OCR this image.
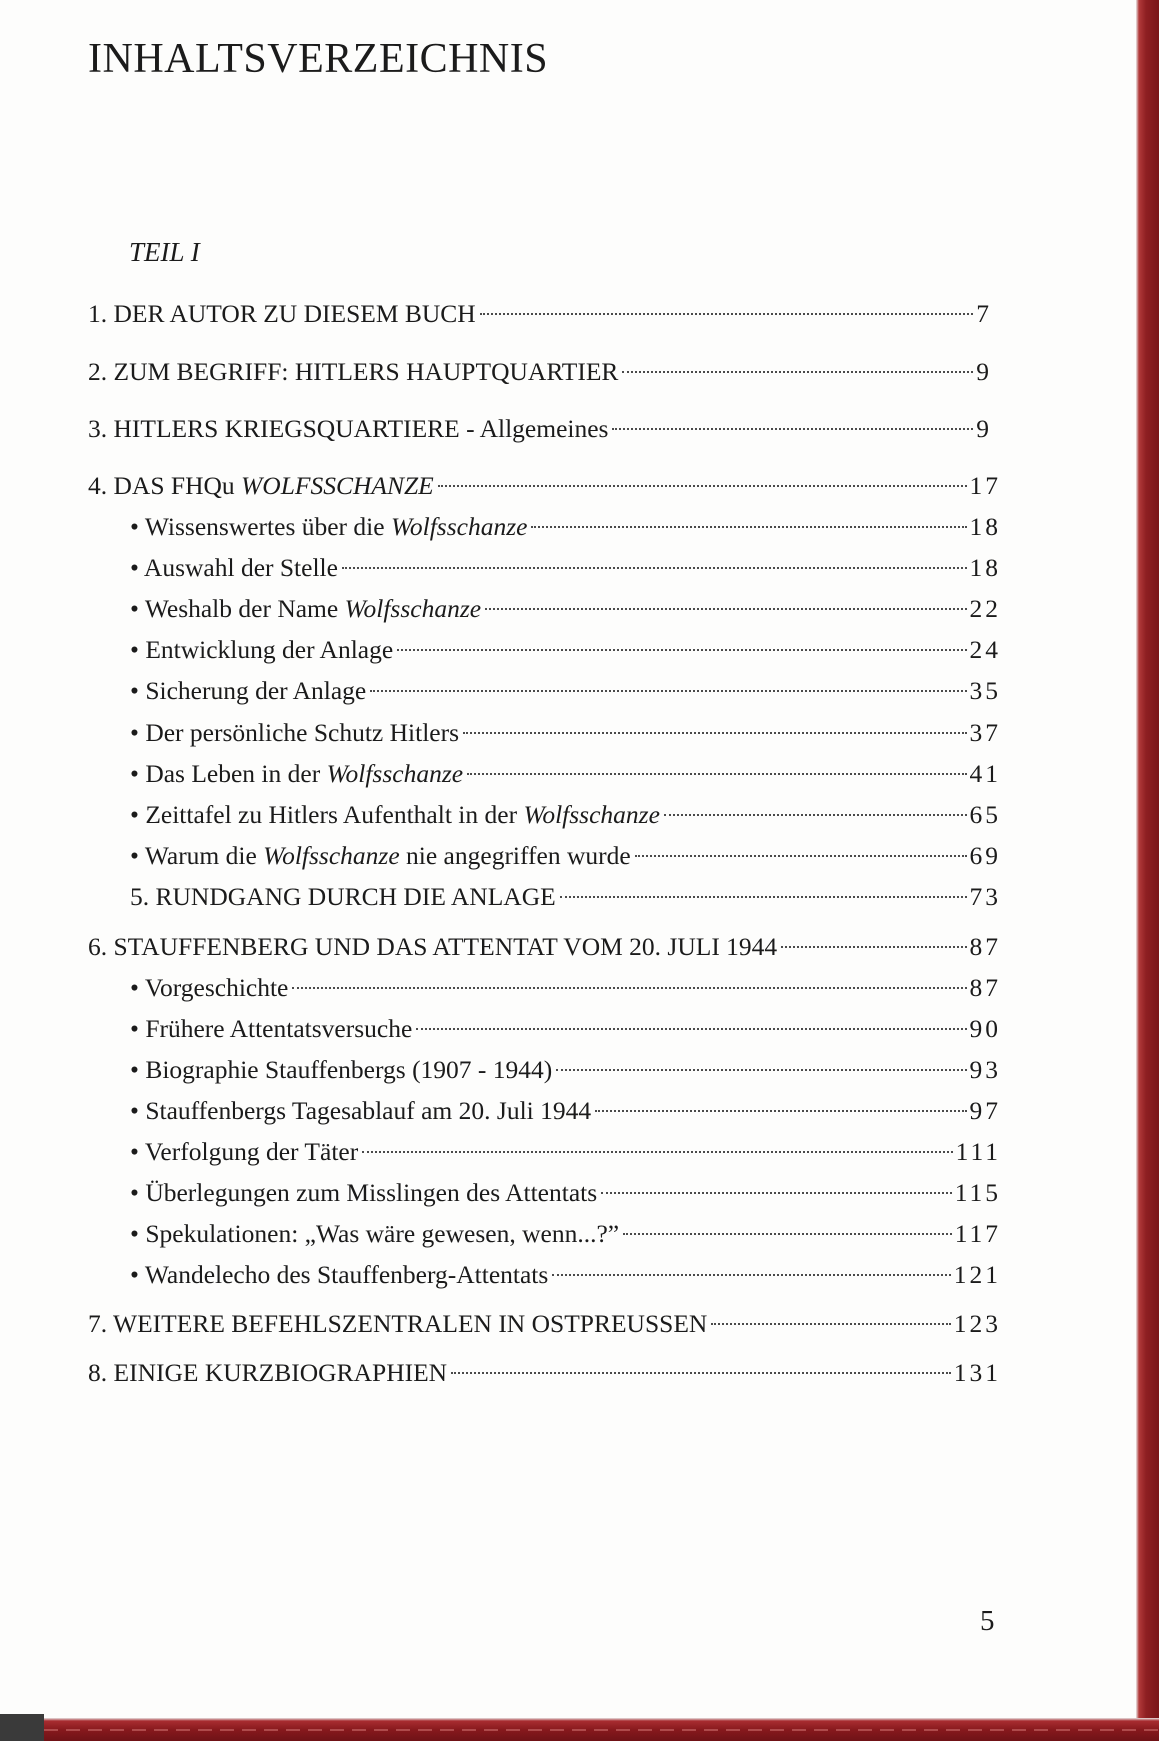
INHALTSVERZEICHNIS
TEIL I
1. DER AUTOR ZU DIESEM BUCH	7
2. ZUM BEGRIFF: HITLERS HAUPTQUARTIER	9
3. HITLERS KRIEGSQUARTIERE - Allgemeines	9
4. DAS FHQu WOLFSSCHANZE	17
• Wissenswertes über die Wolfsschanze	18
• Auswahl der Stelle	18
• Weshalb der Name Wolfsschanze	22
• Entwicklung der Anlage	24
• Sicherung der Anlage	35
• Der persönliche Schutz Hitlers	37
• Das Leben in der Wolfsschanze	41
• Zeittafel zu Hitlers Aufenthalt in der Wolfsschanze	65
• Warum die Wolfsschanze nie angegriffen wurde	69
5. RUNDGANG DURCH DIE ANLAGE	73
6. STAUFFENBERG UND DAS ATTENTAT VOM 20. JULI 1944	87
• Vorgeschichte	87
• Frühere Attentatsversuche	90
• Biographie Stauffenbergs (1907 - 1944)	93
• Stauffenbergs Tagesablauf am 20. Juli 1944	97
• Verfolgung der Täter	111
• Überlegungen zum Misslingen des Attentats	115
• Spekulationen: „Was wäre gewesen, wenn...?”	117
• Wandelecho des Stauffenberg-Attentats	121
7. WEITERE BEFEHLSZENTRALEN IN OSTPREUSSEN	123
8. EINIGE KURZBIOGRAPHIEN	131
5
